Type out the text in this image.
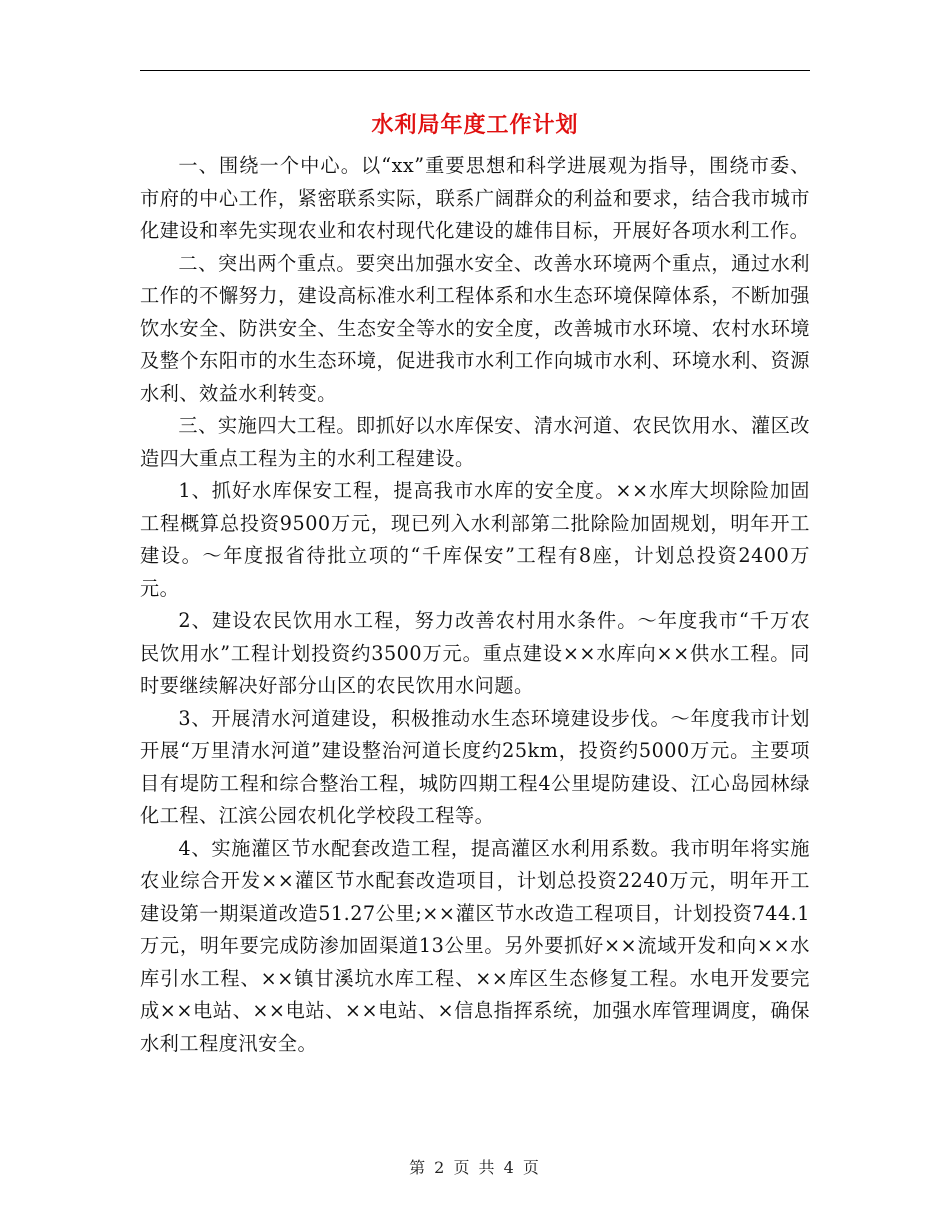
水利局年度工作计划

一、围绕一个中心。以“xx”重要思想和科学进展观为指导，围绕市委、市府的中心工作，紧密联系实际，联系广阔群众的利益和要求，结合我市城市化建设和率先实现农业和农村现代化建设的雄伟目标，开展好各项水利工作。

二、突出两个重点。要突出加强水安全、改善水环境两个重点，通过水利工作的不懈努力，建设高标准水利工程体系和水生态环境保障体系，不断加强饮水安全、防洪安全、生态安全等水的安全度，改善城市水环境、农村水环境及整个东阳市的水生态环境，促进我市水利工作向城市水利、环境水利、资源水利、效益水利转变。

三、实施四大工程。即抓好以水库保安、清水河道、农民饮用水、灌区改造四大重点工程为主的水利工程建设。

1、抓好水库保安工程，提高我市水库的安全度。××水库大坝除险加固工程概算总投资9500万元，现已列入水利部第二批除险加固规划，明年开工建设。～年度报省待批立项的“千库保安”工程有8座，计划总投资2400万元。

2、建设农民饮用水工程，努力改善农村用水条件。～年度我市“千万农民饮用水”工程计划投资约3500万元。重点建设××水库向××供水工程。同时要继续解决好部分山区的农民饮用水问题。

3、开展清水河道建设，积极推动水生态环境建设步伐。～年度我市计划开展“万里清水河道”建设整治河道长度约25km，投资约5000万元。主要项目有堤防工程和综合整治工程，城防四期工程4公里堤防建设、江心岛园林绿化工程、江滨公园农机化学校段工程等。

4、实施灌区节水配套改造工程，提高灌区水利用系数。我市明年将实施农业综合开发××灌区节水配套改造项目，计划总投资2240万元，明年开工建设第一期渠道改造51.27公里;××灌区节水改造工程项目，计划投资744.1万元，明年要完成防渗加固渠道13公里。另外要抓好××流域开发和向××水库引水工程、××镇甘溪坑水库工程、××库区生态修复工程。水电开发要完成××电站、××电站、××电站、×信息指挥系统，加强水库管理调度，确保水利工程度汛安全。

第 2 页 共 4 页
